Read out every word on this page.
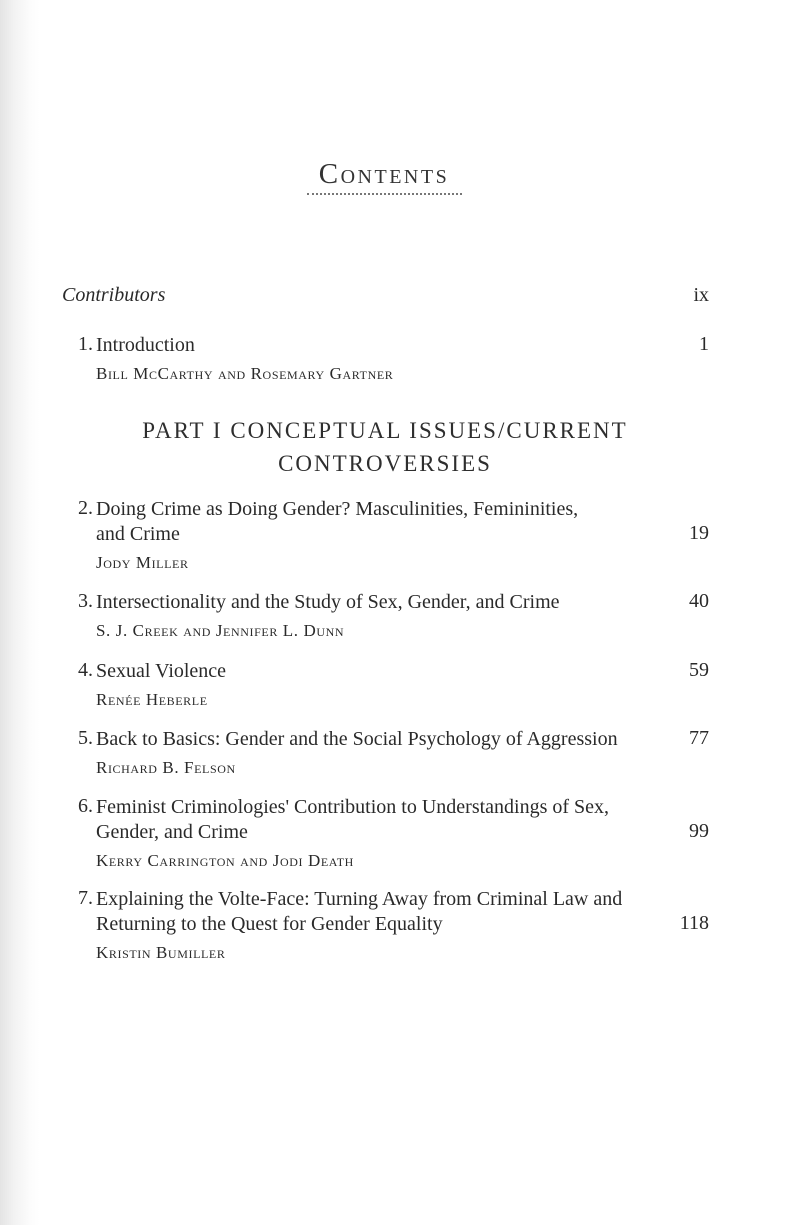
Contents
Contributors	ix
1. Introduction	1
Bill McCarthy and Rosemary Gartner
PART I CONCEPTUAL ISSUES/CURRENT
CONTROVERSIES
2. Doing Crime as Doing Gender? Masculinities, Femininities,
and Crime	19
Jody Miller
3. Intersectionality and the Study of Sex, Gender, and Crime	40
S. J. Creek and Jennifer L. Dunn
4. Sexual Violence	59
Renée Heberle
5. Back to Basics: Gender and the Social Psychology of Aggression	77
Richard B. Felson
6. Feminist Criminologies' Contribution to Understandings of Sex,
Gender, and Crime	99
Kerry Carrington and Jodi Death
7. Explaining the Volte-Face: Turning Away from Criminal Law and
Returning to the Quest for Gender Equality	118
Kristin Bumiller
